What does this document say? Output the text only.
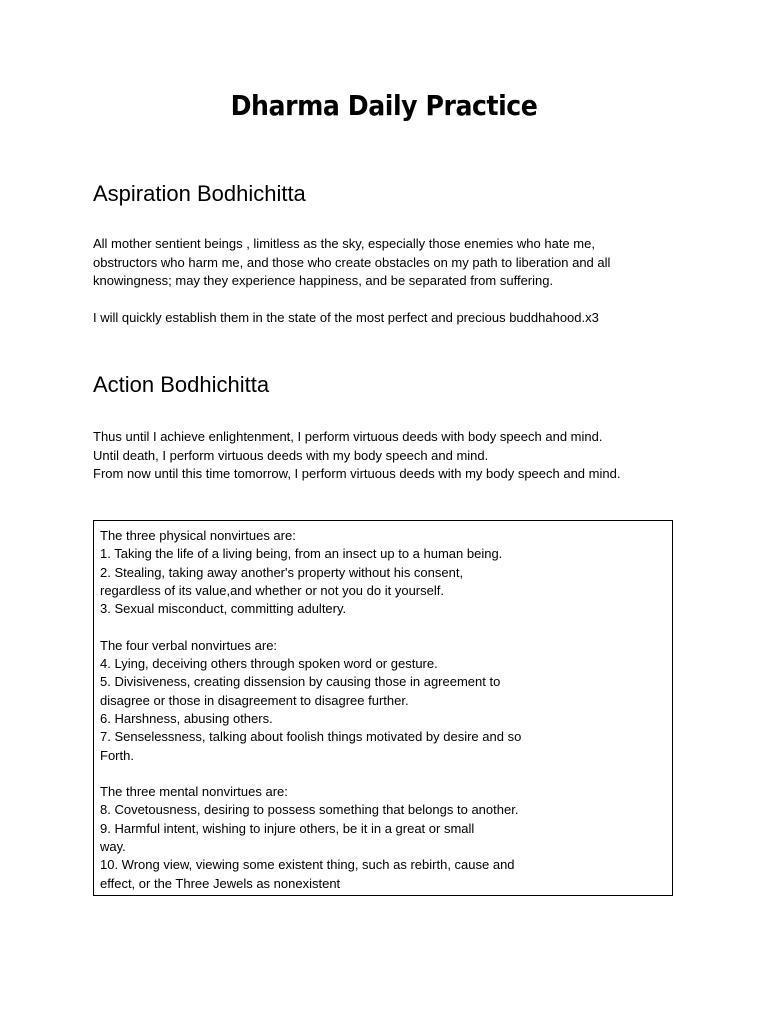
Dharma Daily Practice
Aspiration Bodhichitta
All mother sentient beings , limitless as the sky, especially those enemies who hate me,
obstructors who harm me, and those who create obstacles on my path to liberation and all
knowingness; may they experience happiness, and be separated from suffering.
I will quickly establish them in the state of the most perfect and precious buddhahood.x3
Action Bodhichitta
Thus until I achieve enlightenment, I perform virtuous deeds with body speech and mind.
Until death, I perform virtuous deeds with my body speech and mind.
From now until this time tomorrow, I perform virtuous deeds with my body speech and mind.
The three physical nonvirtues are:
1. Taking the life of a living being, from an insect up to a human being.
2. Stealing, taking away another's property without his consent,
regardless of its value,and whether or not you do it yourself.
3. Sexual misconduct, committing adultery.
The four verbal nonvirtues are:
4. Lying, deceiving others through spoken word or gesture.
5. Divisiveness, creating dissension by causing those in agreement to
disagree or those in disagreement to disagree further.
6. Harshness, abusing others.
7. Senselessness, talking about foolish things motivated by desire and so
Forth.
The three mental nonvirtues are:
8. Covetousness, desiring to possess something that belongs to another.
9. Harmful intent, wishing to injure others, be it in a great or small
way.
10. Wrong view, viewing some existent thing, such as rebirth, cause and
effect, or the Three Jewels as nonexistent
